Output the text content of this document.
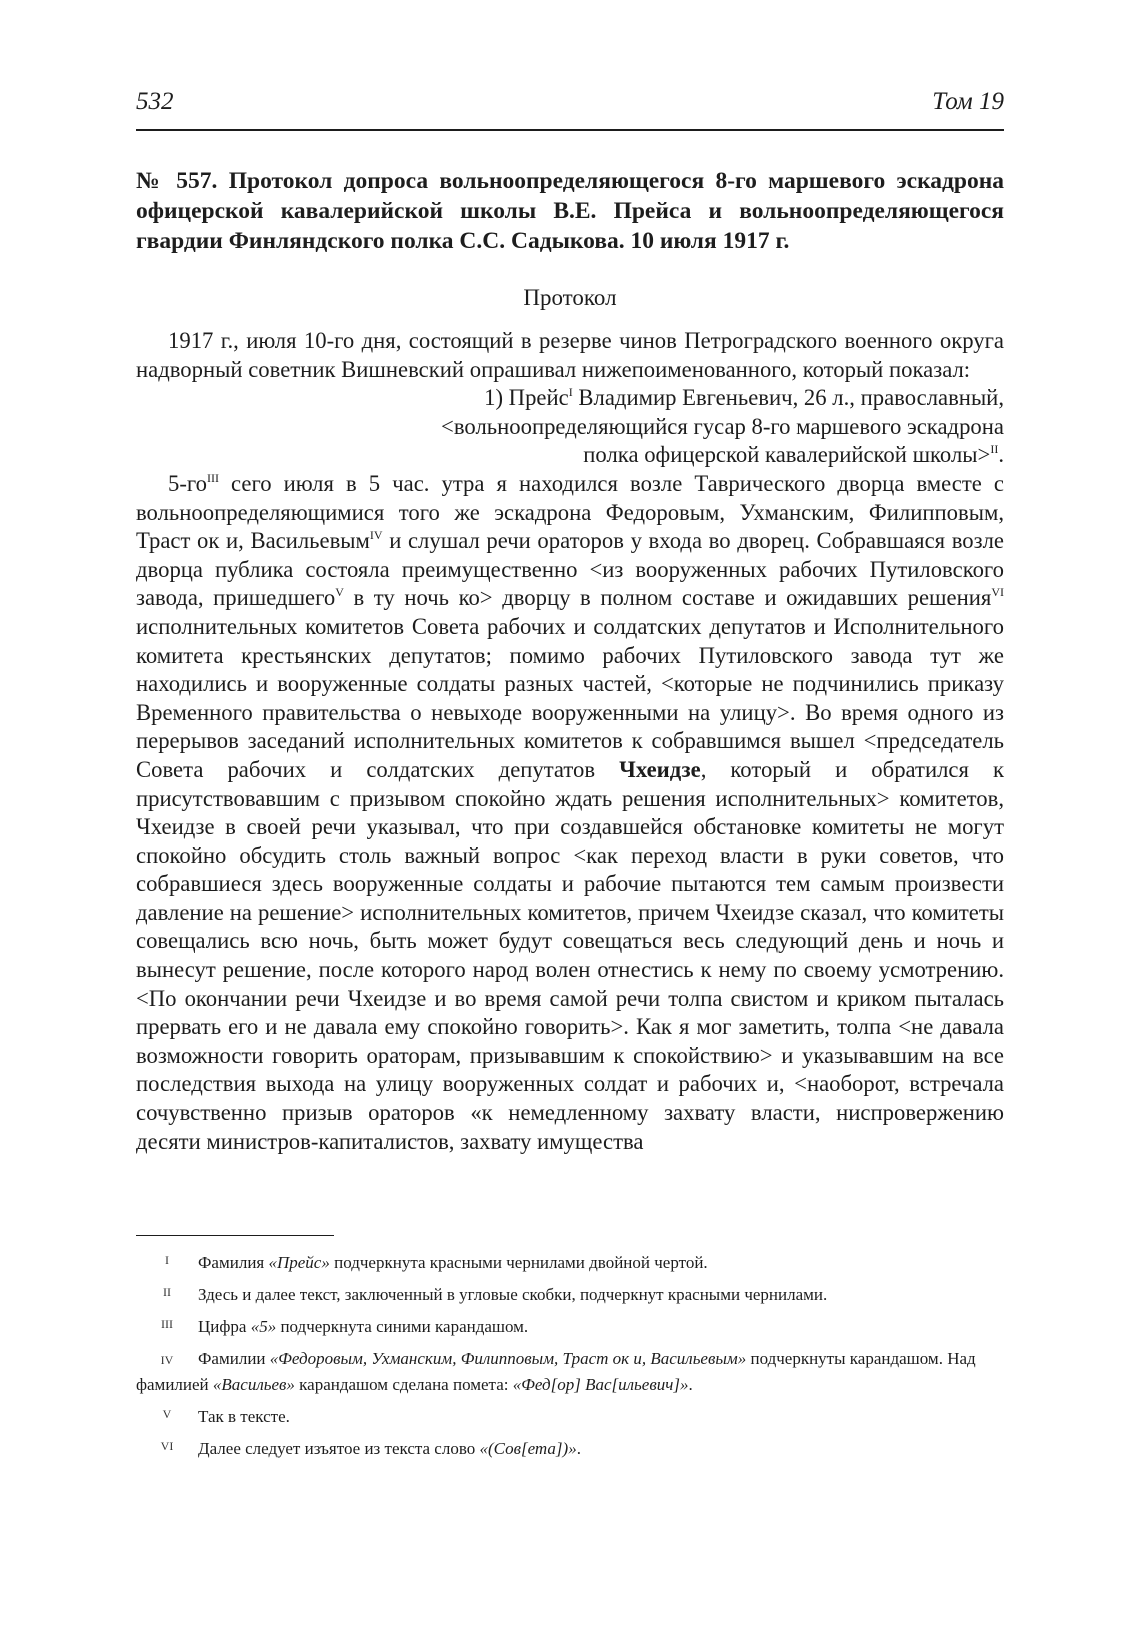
532	Том 19

№ 557. Протокол допроса вольноопределяющегося 8-го маршевого эскадрона офицерской кавалерийской школы В.Е. Прейса и вольноопределяющегося гвардии Финляндского полка С.С. Садыкова. 10 июля 1917 г.

Протокол

1917 г., июля 10-го дня, состоящий в резерве чинов Петроградского военного округа надворный советник Вишневский опрашивал нижепоименованного, который показал:

1) Прейс$^I$ Владимир Евгеньевич, 26 л., православный, <вольноопределяющийся гусар 8-го маршевого эскадрона полка офицерской кавалерийской школы>$^{II}$.

$5-го^{III}$ сего июля в 5 час. утра я находился возле Таврического дворца вместе с вольноопределяющимися того же эскадрона Федоровым, Ухманским, Филипповым, Траст ок и, Васильевым$^{IV}$ и слушал речи ораторов у входа во дворец. Собравшаяся возле дворца публика состояла преимущественно <из вооруженных рабочих Путиловского завода, пришедшего$^V$ в ту ночь ко> дворцу в полном составе и ожидавших решения$^{VI}$ исполнительных комитетов Совета рабочих и солдатских депутатов и Исполнительного комитета крестьянских депутатов; помимо рабочих Путиловского завода тут же находились и вооруженные солдаты разных частей, <которые не подчинились приказу Временного правительства о невыходе вооруженными на улицу>. Во время одного из перерывов заседаний исполнительных комитетов к собравшимся вышел <председатель Совета рабочих и солдатских депутатов Чхеидзе, который и обратился к присутствовавшим с призывом спокойно ждать решения исполнительных> комитетов, Чхеидзе в своей речи указывал, что при создавшейся обстановке комитеты не могут спокойно обсудить столь важный вопрос <как переход власти в руки советов, что собравшиеся здесь вооруженные солдаты и рабочие пытаются тем самым произвести давление на решение> исполнительных комитетов, причем Чхеидзе сказал, что комитеты совещались всю ночь, быть может будут совещаться весь следующий день и ночь и вынесут решение, после которого народ волен отнестись к нему по своему усмотрению. <По окончании речи Чхеидзе и во время самой речи толпа свистом и криком пыталась прервать его и не давала ему спокойно говорить>. Как я мог заметить, толпа <не давала возможности говорить ораторам, призывавшим к спокойствию> и указывавшим на все последствия выхода на улицу вооруженных солдат и рабочих и, <наоборот, встречала сочувственно призыв ораторов «к немедленному захвату власти, ниспровержению десяти министров-капиталистов, захвату имущества

I	Фамилия «Прейс» подчеркнута красными чернилами двойной чертой.
II	Здесь и далее текст, заключенный в угловые скобки, подчеркнут красными чернилами.
III	Цифра «5» подчеркнута синими карандашом.
IV Фамилии «Федоровым, Ухманским, Филипповым, Траст ок и, Васильевым» подчеркнуты карандашом. Над фамилией «Васильев» карандашом сделана помета: «Фед[ор] Вас[ильевич]».
V	Так в тексте.
VI	Далее следует изъятое из текста слово «(Сов[ета])».
